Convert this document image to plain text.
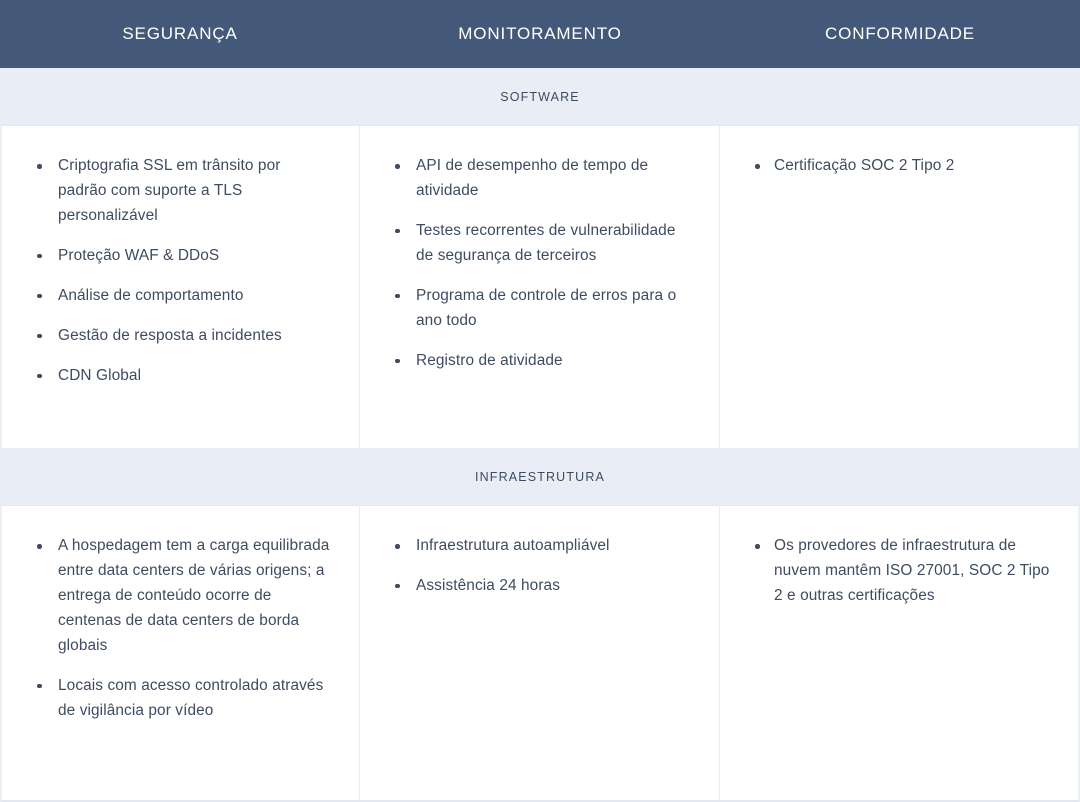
SEGURANÇA	MONITORAMENTO	CONFORMIDADE
SOFTWARE
Criptografia SSL em trânsito por padrão com suporte a TLS personalizável
Proteção WAF & DDoS
Análise de comportamento
Gestão de resposta a incidentes
CDN Global
API de desempenho de tempo de atividade
Testes recorrentes de vulnerabilidade de segurança de terceiros
Programa de controle de erros para o ano todo
Registro de atividade
Certificação SOC 2 Tipo 2
INFRAESTRUTURA
A hospedagem tem a carga equilibrada entre data centers de várias origens; a entrega de conteúdo ocorre de centenas de data centers de borda globais
Locais com acesso controlado através de vigilância por vídeo
Infraestrutura autoampliável
Assistência 24 horas
Os provedores de infraestrutura de nuvem mantêm ISO 27001, SOC 2 Tipo 2 e outras certificações
